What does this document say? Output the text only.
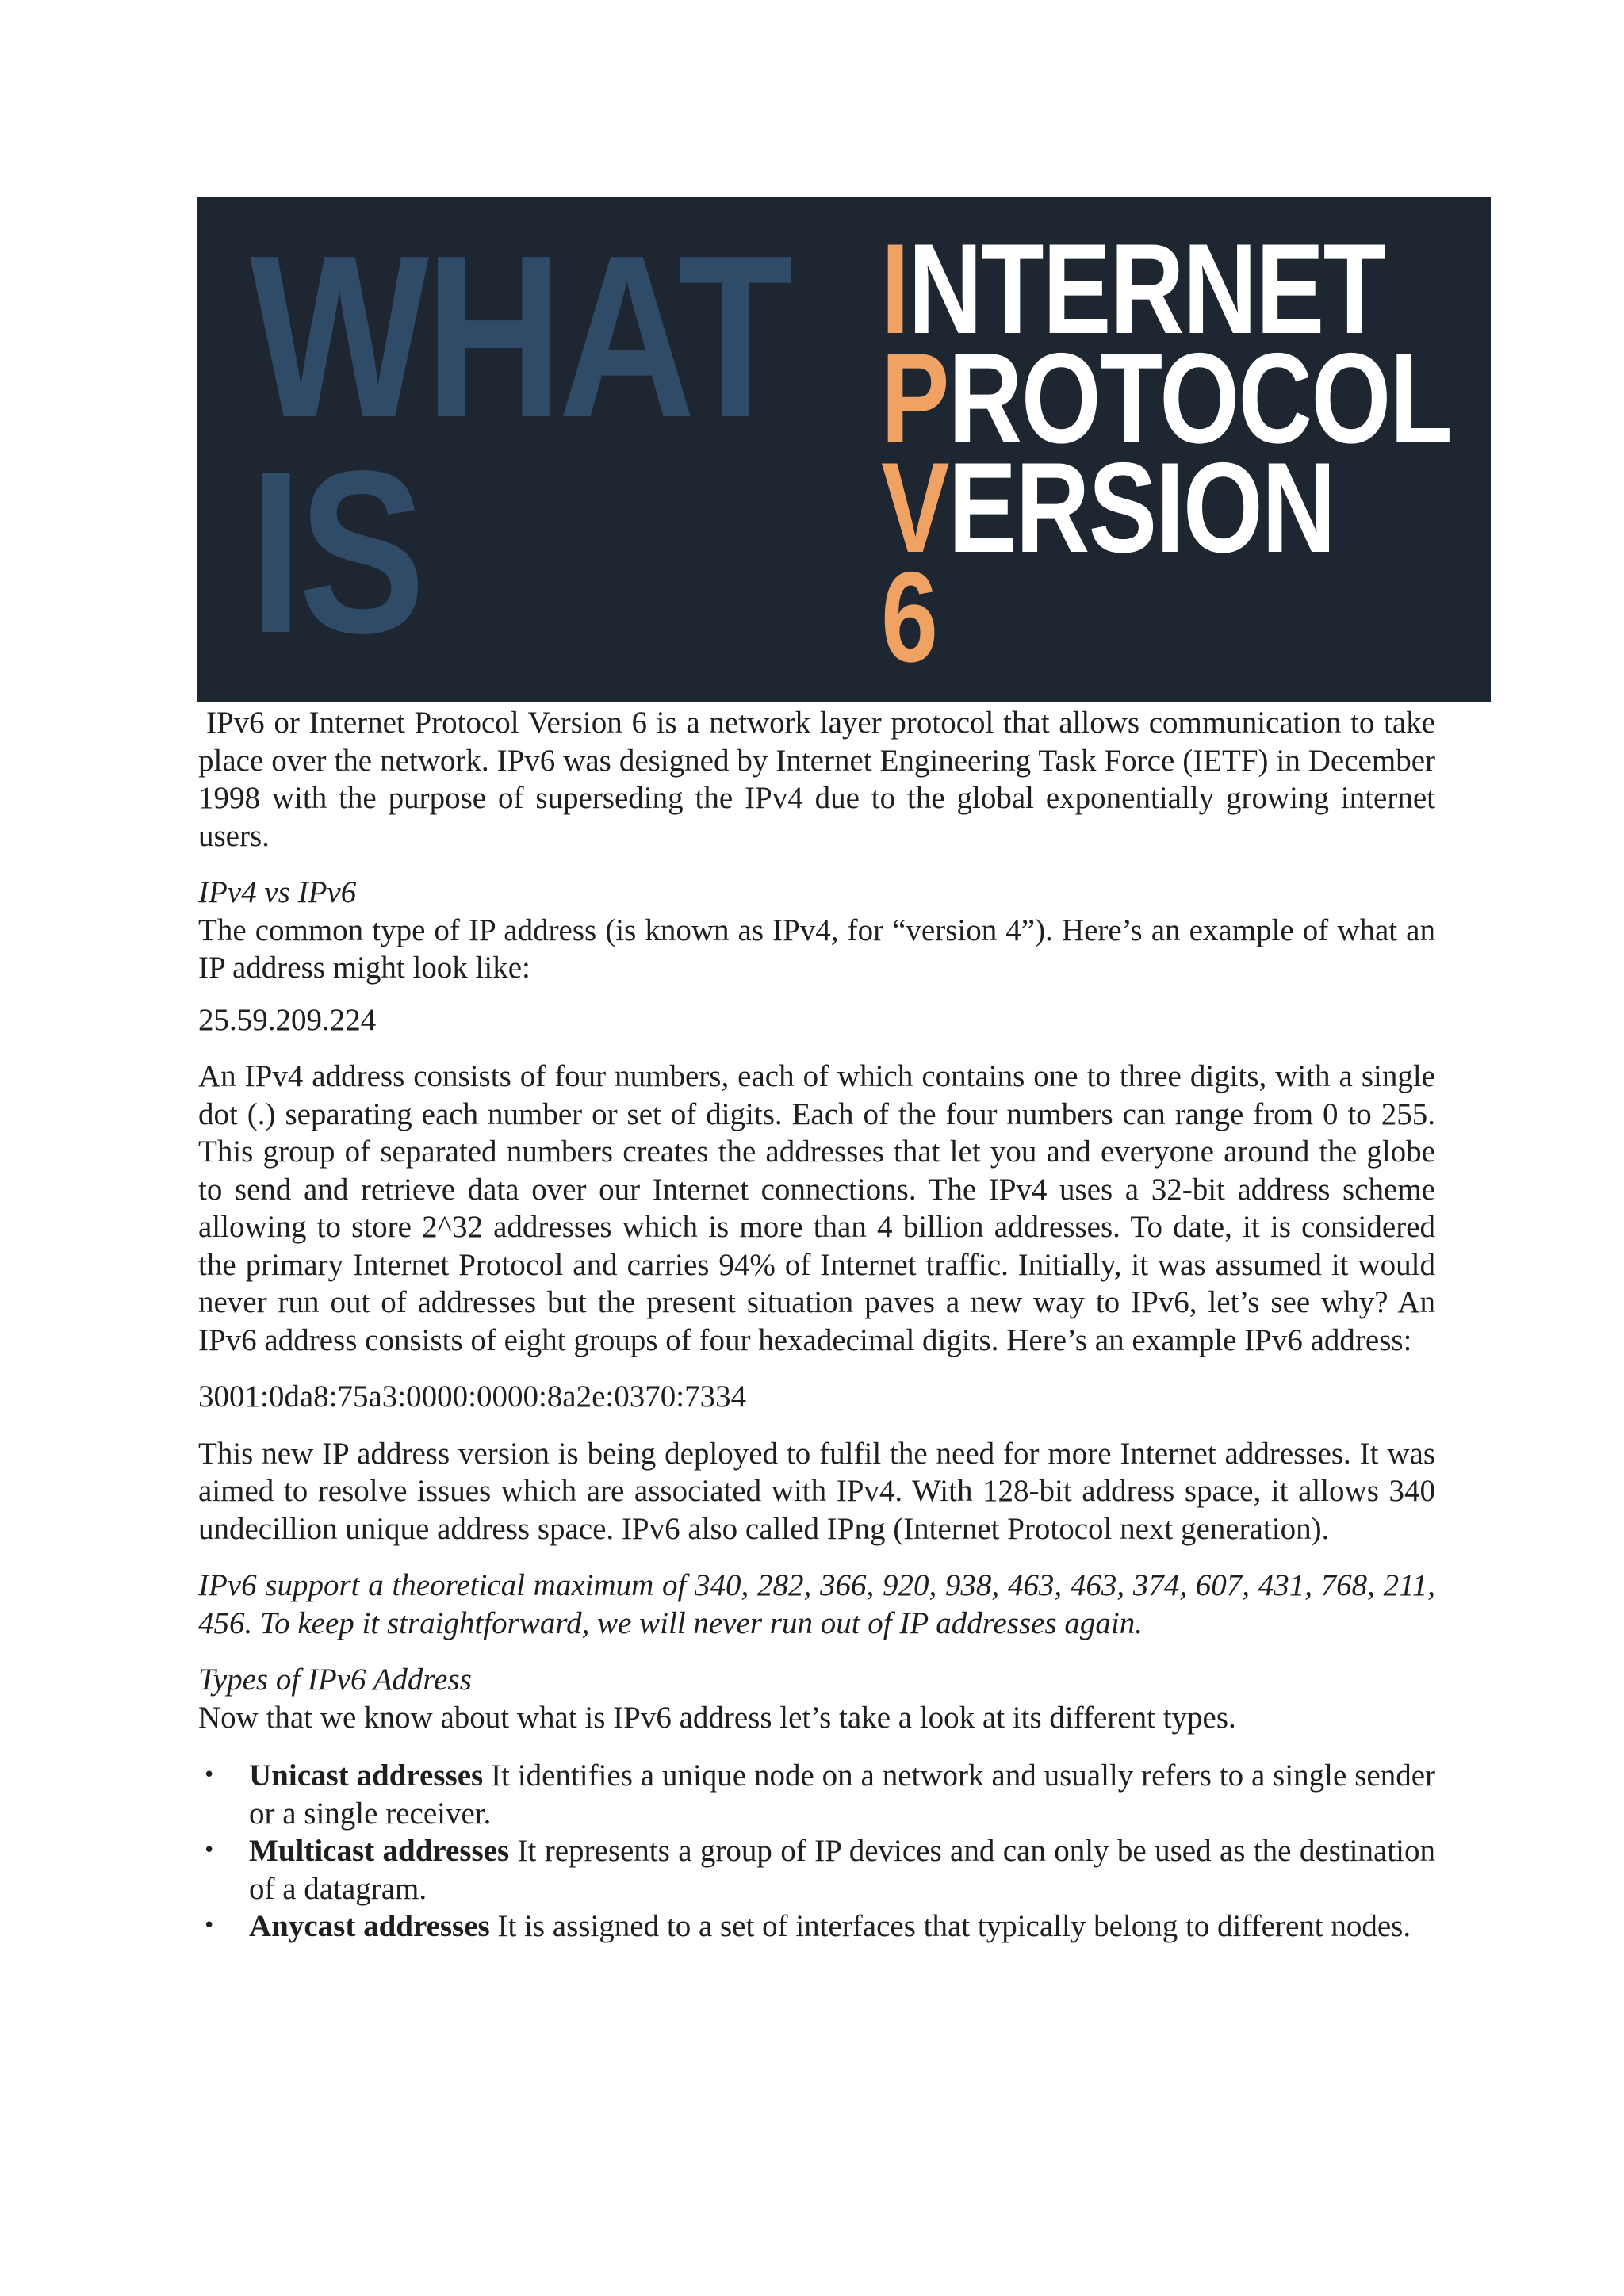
WHAT
IS
INTERNET
PROTOCOL
VERSION
6

IPv6 or Internet Protocol Version 6 is a network layer protocol that allows communication to take place over the network. IPv6 was designed by Internet Engineering Task Force (IETF) in December 1998 with the purpose of superseding the IPv4 due to the global exponentially growing internet users.

IPv4 vs IPv6

The common type of IP address (is known as IPv4, for “version 4”). Here’s an example of what an IP address might look like:

25.59.209.224

An IPv4 address consists of four numbers, each of which contains one to three digits, with a single dot (.) separating each number or set of digits. Each of the four numbers can range from 0 to 255. This group of separated numbers creates the addresses that let you and everyone around the globe to send and retrieve data over our Internet connections. The IPv4 uses a 32-bit address scheme allowing to store 2^32 addresses which is more than 4 billion addresses. To date, it is considered the primary Internet Protocol and carries 94% of Internet traffic. Initially, it was assumed it would never run out of addresses but the present situation paves a new way to IPv6, let’s see why? An IPv6 address consists of eight groups of four hexadecimal digits. Here’s an example IPv6 address:

3001:0da8:75a3:0000:0000:8a2e:0370:7334

This new IP address version is being deployed to fulfil the need for more Internet addresses. It was aimed to resolve issues which are associated with IPv4. With 128-bit address space, it allows 340 undecillion unique address space. IPv6 also called IPng (Internet Protocol next generation).

IPv6 support a theoretical maximum of 340, 282, 366, 920, 938, 463, 463, 374, 607, 431, 768, 211, 456. To keep it straightforward, we will never run out of IP addresses again.

Types of IPv6 Address

Now that we know about what is IPv6 address let’s take a look at its different types.

• Unicast addresses It identifies a unique node on a network and usually refers to a single sender or a single receiver.
• Multicast addresses It represents a group of IP devices and can only be used as the destination of a datagram.
• Anycast addresses It is assigned to a set of interfaces that typically belong to different nodes.
